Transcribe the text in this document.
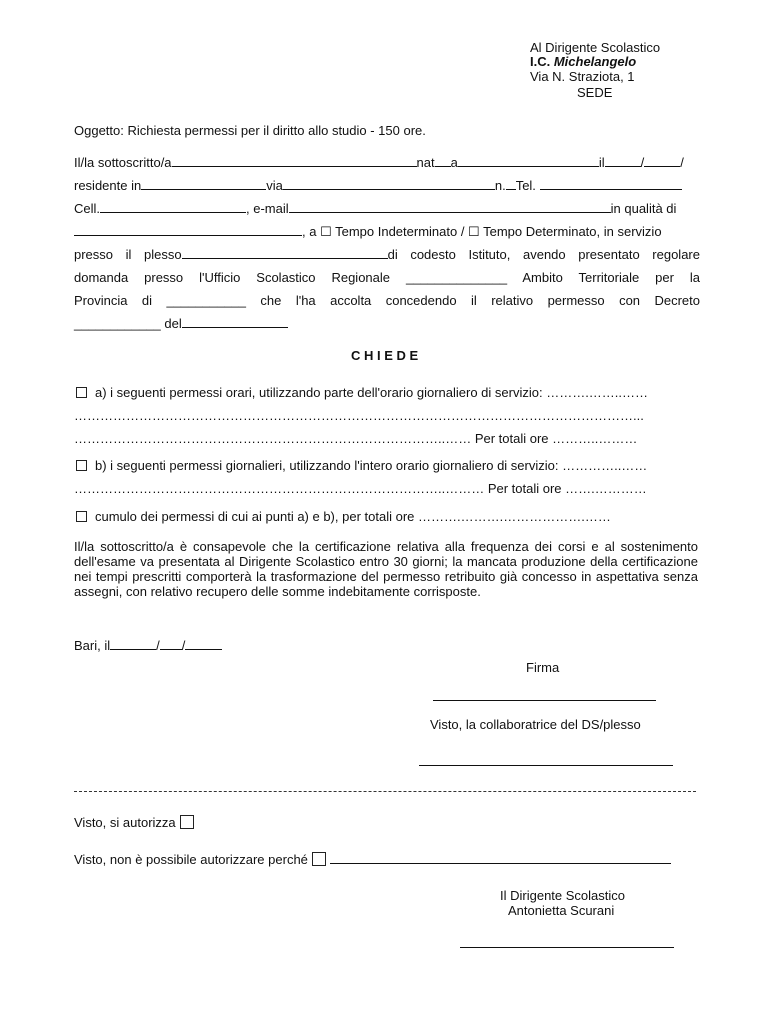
Al Dirigente Scolastico
I.C. Michelangelo
Via N. Straziota, 1
SEDE
Oggetto: Richiesta permessi per il diritto allo studio - 150 ore.
Il/la sottoscritto/a	nat a	il	/	/
residente in	via	n. Tel.
Cell.	, e-mail	in qualità di
, a ☐ Tempo Indeterminato / ☐ Tempo Determinato, in servizio
presso il plesso	di codesto Istituto, avendo presentato regolare
domanda presso l'Ufficio Scolastico Regionale ______________ Ambito Territoriale per la
Provincia di ___________ che l'ha accolta concedendo il relativo permesso con Decreto
____________ del
C H I E D E
a) i seguenti permessi orari, utilizzando parte dell'orario giornaliero di servizio: ……….……..……
…………………………………………………………………………………………………………………...
…………………………………………………………………………..…… Per totali ore ………..………
b) i seguenti permessi giornalieri, utilizzando l'intero orario giornaliero di servizio: …………..……
…………………………………………………………………………..……… Per totali ore …….…………
cumulo dei permessi di cui ai punti a) e b), per totali ore ……….……….……………….……
Il/la sottoscritto/a è consapevole che la certificazione relativa alla frequenza dei corsi e al sostenimento dell'esame va presentata al Dirigente Scolastico entro 30 giorni; la mancata produzione della certificazione nei tempi prescritti comporterà la trasformazione del permesso retribuito già concesso in aspettativa senza assegni, con relativo recupero delle somme indebitamente corrisposte.
Bari, il	/ /
Firma
Visto, la collaboratrice del DS/plesso
Visto, si autorizza
Visto, non è possibile autorizzare perché
Il Dirigente Scolastico
Antonietta Scurani
